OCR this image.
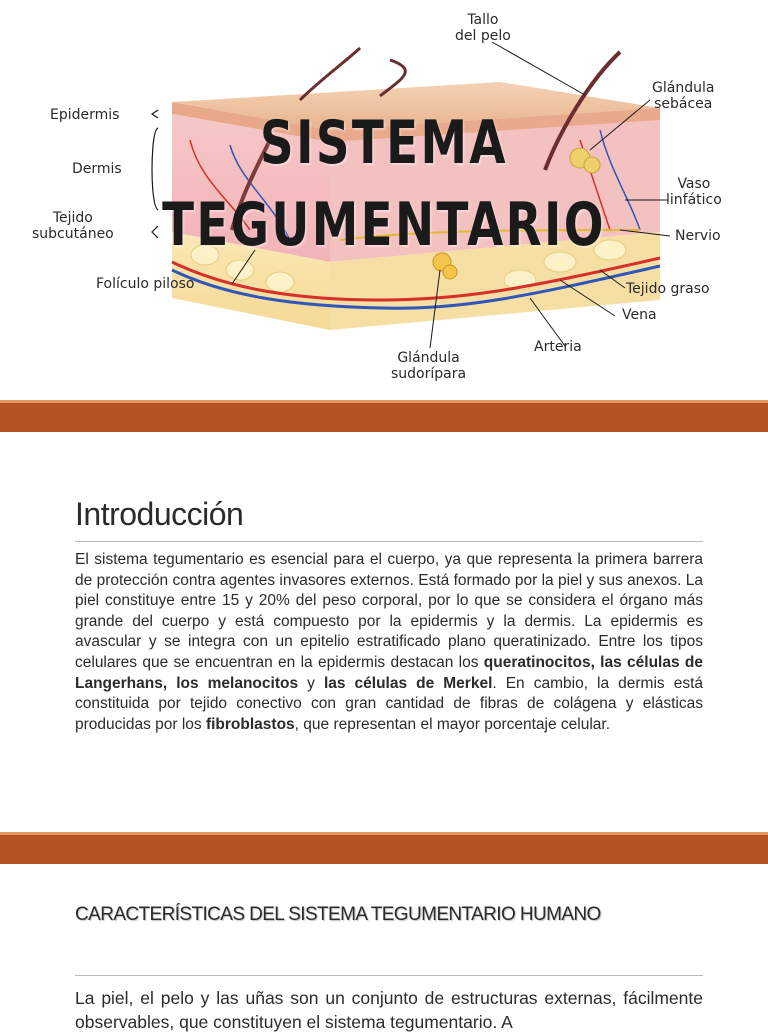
Tallo
del pelo
Glándula
sebácea
Epidermis
Dermis
Tejido
subcutáneo
Vaso
linfático
Nervio
Folículo piloso	Tejido graso
Vena
Arteria
Glándula
sudorípara
SISTEMA
TEGUMENTARIO
Introducción

El sistema tegumentario es esencial para el cuerpo, ya que representa la primera barrera de protección contra agentes invasores externos. Está formado por la piel y sus anexos. La piel constituye entre 15 y 20% del peso corporal, por lo que se considera el órgano más grande del cuerpo y está compuesto por la epidermis y la dermis. La epidermis es avascular y se integra con un epitelio estratificado plano queratinizado. Entre los tipos celulares que se encuentran en la epidermis destacan los queratinocitos, las células de Langerhans, los melanocitos y las células de Merkel. En cambio, la dermis está constituida por tejido conectivo con gran cantidad de fibras de colágena y elásticas producidas por los fibroblastos, que representan el mayor porcentaje celular.

CARACTERÍSTICAS DEL SISTEMA TEGUMENTARIO HUMANO

La piel, el pelo y las uñas son un conjunto de estructuras externas, fácilmente observables, que constituyen el sistema tegumentario. A
